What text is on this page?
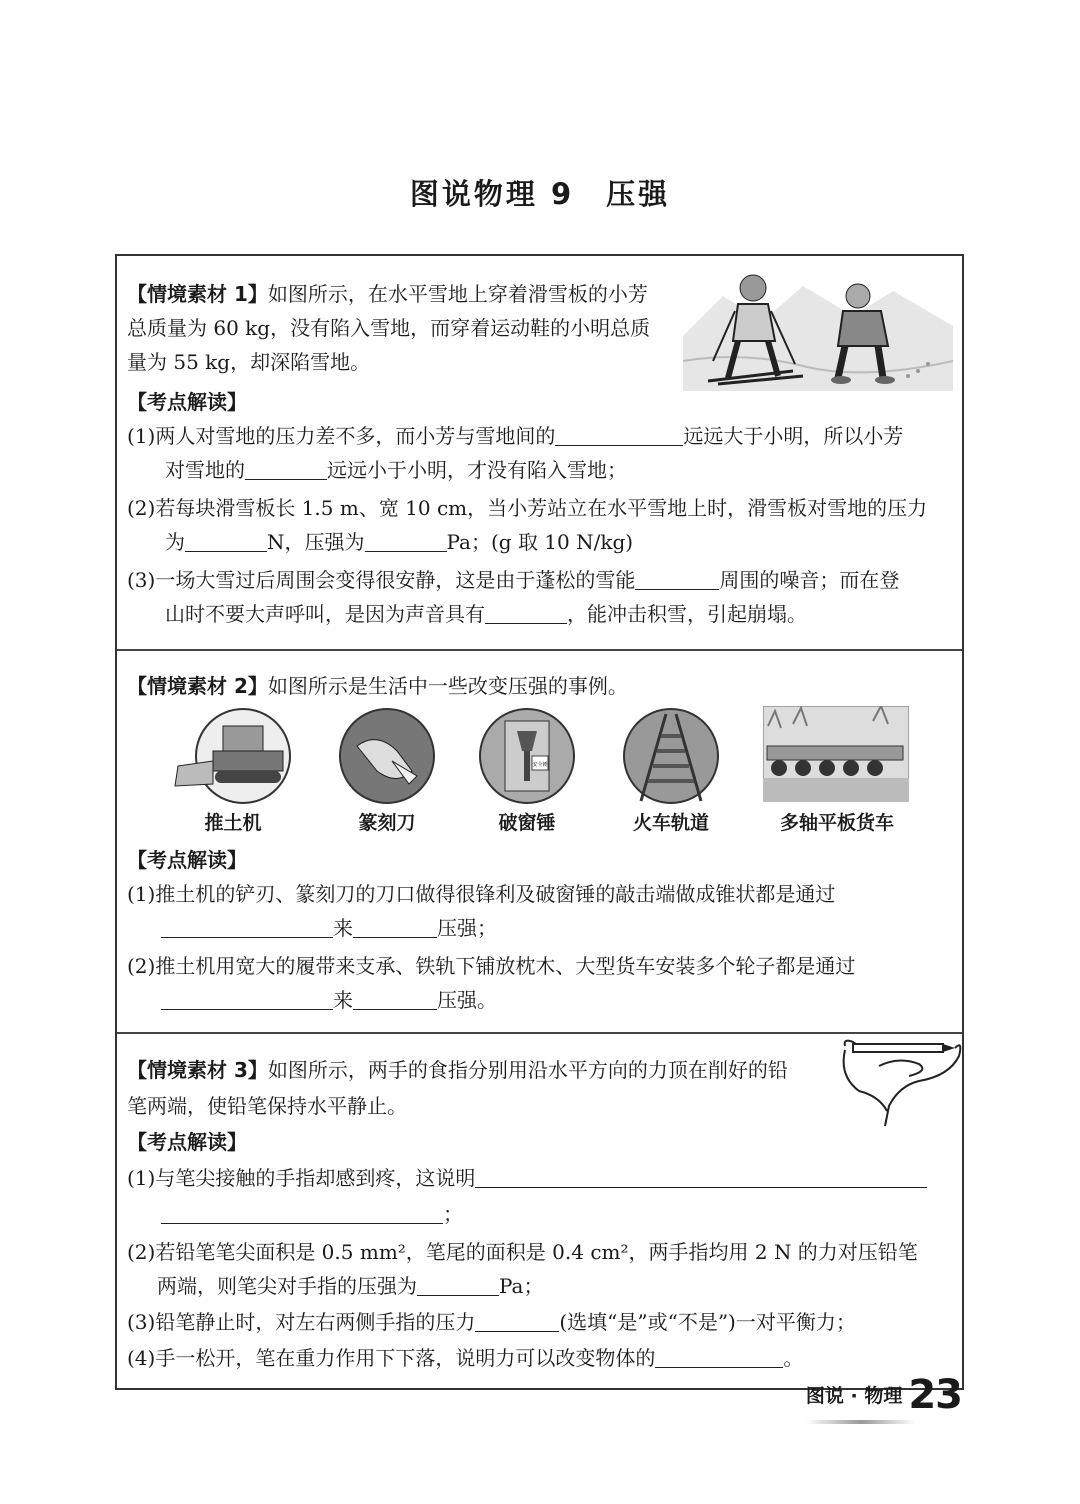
图说物理 9　压强
【情境素材 1】如图所示，在水平雪地上穿着滑雪板的小芳
总质量为 60 kg，没有陷入雪地，而穿着运动鞋的小明总质
量为 55 kg，却深陷雪地。
【考点解读】
(1)两人对雪地的压力差不多，而小芳与雪地间的	远远大于小明，所以小芳
对雪地的	远远小于小明，才没有陷入雪地；
(2)若每块滑雪板长 1.5 m、宽 10 cm，当小芳站立在水平雪地上时，滑雪板对雪地的压力
为	N，压强为	Pa；(g 取 10 N/kg)
(3)一场大雪过后周围会变得很安静，这是由于蓬松的雪能	周围的噪音；而在登
山时不要大声呼叫，是因为声音具有	，能冲击积雪，引起崩塌。
【情境素材 2】如图所示是生活中一些改变压强的事例。
安全锤
推土机	篆刻刀	破窗锤	火车轨道	多轴平板货车
【考点解读】
(1)推土机的铲刃、篆刻刀的刀口做得很锋利及破窗锤的敲击端做成锥状都是通过
来	压强；
(2)推土机用宽大的履带来支承、铁轨下铺放枕木、大型货车安装多个轮子都是通过
来	压强。
【情境素材 3】如图所示，两手的食指分别用沿水平方向的力顶在削好的铅
笔两端，使铅笔保持水平静止。
【考点解读】
(1)与笔尖接触的手指却感到疼，这说明
；
(2)若铅笔笔尖面积是 0.5 mm²，笔尾的面积是 0.4 cm²，两手指均用 2 N 的力对压铅笔
两端，则笔尖对手指的压强为	Pa；
(3)铅笔静止时，对左右两侧手指的压力	(选填“是”或“不是”)一对平衡力；
(4)手一松开，笔在重力作用下下落，说明力可以改变物体的	。
图说 · 物理 23
